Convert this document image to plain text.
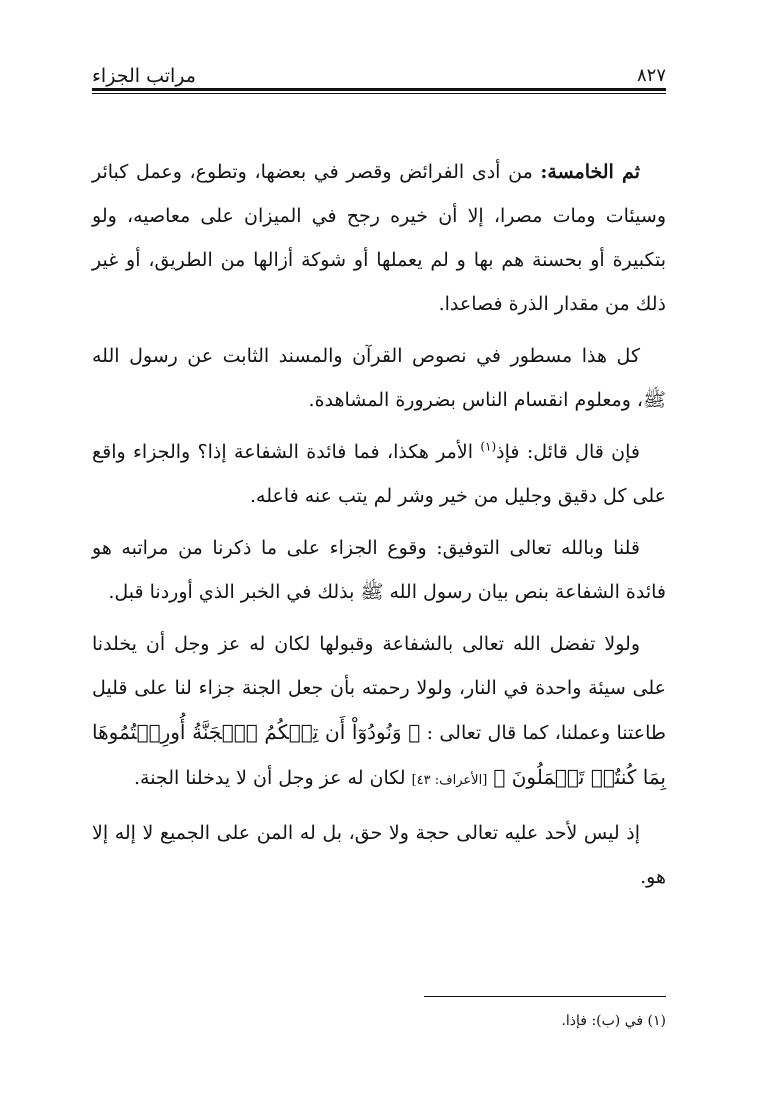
مراتب الجزاء	٨٢٧

ثم الخامسة: من أدى الفرائض وقصر في بعضها، وتطوع، وعمل كبائر وسيئات ومات مصرا، إلا أن خيره رجح في الميزان على معاصيه، ولو بتكبيرة أو بحسنة هم بها و لم يعملها أو شوكة أزالها من الطريق، أو غير ذلك من مقدار الذرة فصاعدا.

كل هذا مسطور في نصوص القرآن والمسند الثابت عن رسول الله ﷺ، ومعلوم انقسام الناس بضرورة المشاهدة.

فإن قال قائل: فإذ$^{(١)}$ الأمر هكذا، فما فائدة الشفاعة إذا؟ والجزاء واقع على كل دقيق وجليل من خير وشر لم يتب عنه فاعله.

قلنا وبالله تعالى التوفيق: وقوع الجزاء على ما ذكرنا من مراتبه هو فائدة الشفاعة بنص بيان رسول الله ﷺ بذلك في الخبر الذي أوردنا قبل.

ولولا تفضل الله تعالى بالشفاعة وقبولها لكان له عز وجل أن يخلدنا على سيئة واحدة في النار، ولولا رحمته بأن جعل الجنة جزاء لنا على قليل طاعتنا وعملنا، كما قال تعالى : ﴿ وَنُودُوٓاْ أَن تِلۡكُمُ ٱلۡجَنَّةُ أُورِثۡتُمُوهَا بِمَا كُنتُمۡ تَعۡمَلُونَ ﴾ [الأعراف: ٤٣] لكان له عز وجل أن لا يدخلنا الجنة.

إذ ليس لأحد عليه تعالى حجة ولا حق، بل له المن على الجميع لا إله إلا هو.

(١) في (ب): فإذا.
